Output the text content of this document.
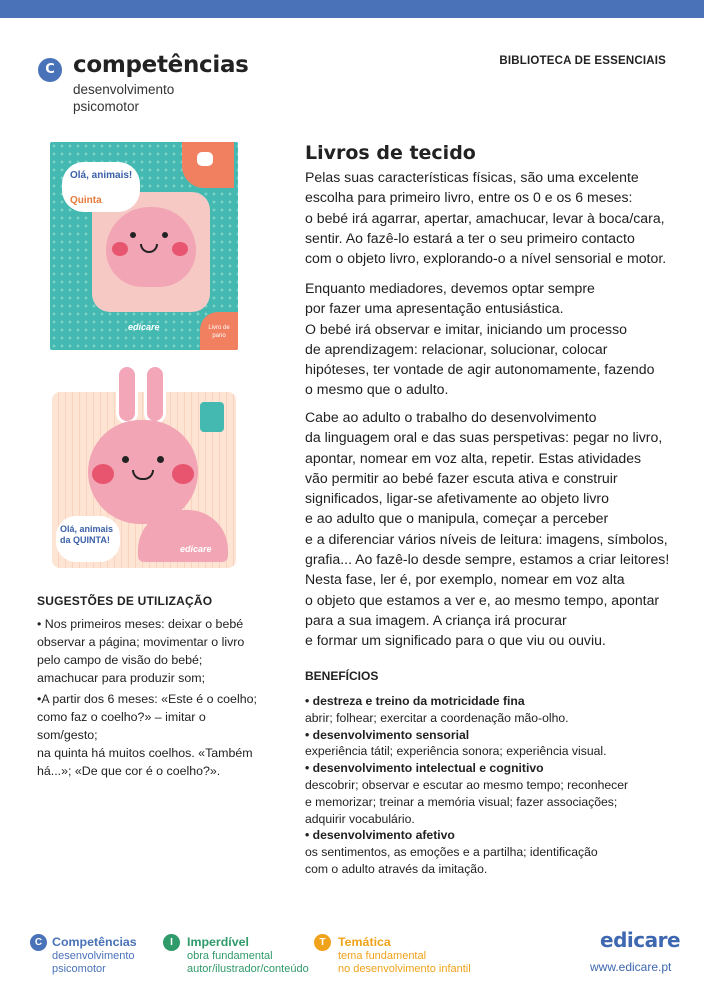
C competências
desenvolvimento
psicomotor
BIBLIOTECA DE ESSENCIAIS
Olá, animais!
Quinta
Livro de pano
edicare
Olá, animais da QUINTA!
edicare
SUGESTÕES DE UTILIZAÇÃO
• Nos primeiros meses: deixar o bebé
observar a página; movimentar o livro
pelo campo de visão do bebé;
amachucar para produzir som;
•A partir dos 6 meses: «Este é o coelho;
como faz o coelho?» – imitar o som/gesto;
na quinta há muitos coelhos. «Também
há...»; «De que cor é o coelho?».
Livros de tecido
Pelas suas características físicas, são uma excelente
escolha para primeiro livro, entre os 0 e os 6 meses:
o bebé irá agarrar, apertar, amachucar, levar à boca/cara,
sentir. Ao fazê-lo estará a ter o seu primeiro contacto
com o objeto livro, explorando-o a nível sensorial e motor.
Enquanto mediadores, devemos optar sempre
por fazer uma apresentação entusiástica.
O bebé irá observar e imitar, iniciando um processo
de aprendizagem: relacionar, solucionar, colocar
hipóteses, ter vontade de agir autonomamente, fazendo
o mesmo que o adulto.
Cabe ao adulto o trabalho do desenvolvimento
da linguagem oral e das suas perspetivas: pegar no livro,
apontar, nomear em voz alta, repetir. Estas atividades
vão permitir ao bebé fazer escuta ativa e construir
significados, ligar-se afetivamente ao objeto livro
e ao adulto que o manipula, começar a perceber
e a diferenciar vários níveis de leitura: imagens, símbolos,
grafia... Ao fazê-lo desde sempre, estamos a criar leitores!
Nesta fase, ler é, por exemplo, nomear em voz alta
o objeto que estamos a ver e, ao mesmo tempo, apontar
para a sua imagem. A criança irá procurar
e formar um significado para o que viu ou ouviu.
BENEFÍCIOS
• destreza e treino da motricidade fina
abrir; folhear; exercitar a coordenação mão-olho.
• desenvolvimento sensorial
experiência tátil; experiência sonora; experiência visual.
• desenvolvimento intelectual e cognitivo
descobrir; observar e escutar ao mesmo tempo; reconhecer
e memorizar; treinar a memória visual; fazer associações;
adquirir vocabulário.
• desenvolvimento afetivo
os sentimentos, as emoções e a partilha; identificação
com o adulto através da imitação.
C Competências
desenvolvimento
psicomotor
I	Imperdível
obra fundamental
autor/ilustrador/conteúdo
T	Temática
tema fundamental
no desenvolvimento infantil
edicare
www.edicare.pt
